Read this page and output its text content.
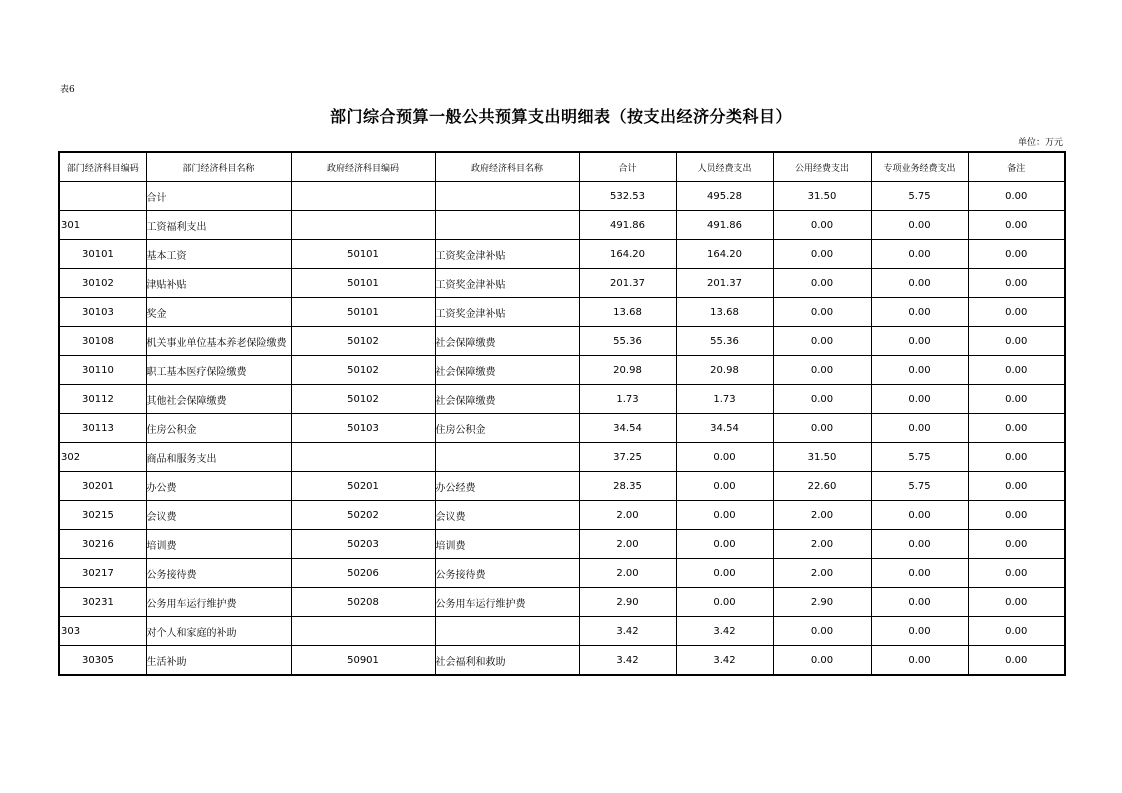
表6
部门综合预算一般公共预算支出明细表（按支出经济分类科目）
单位：万元
部门经济科目编码	部门经济科目名称	政府经济科目编码	政府经济科目名称	合计	人员经费支出	公用经费支出	专项业务经费支出	备注
	合计			532.53	495.28	31.50	5.75	0.00
301	工资福利支出			491.86	491.86	0.00	0.00	0.00
30101	基本工资	50101	工资奖金津补贴	164.20	164.20	0.00	0.00	0.00
30102	津贴补贴	50101	工资奖金津补贴	201.37	201.37	0.00	0.00	0.00
30103	奖金	50101	工资奖金津补贴	13.68	13.68	0.00	0.00	0.00
30108	机关事业单位基本养老保险缴费	50102	社会保障缴费	55.36	55.36	0.00	0.00	0.00
30110	职工基本医疗保险缴费	50102	社会保障缴费	20.98	20.98	0.00	0.00	0.00
30112	其他社会保障缴费	50102	社会保障缴费	1.73	1.73	0.00	0.00	0.00
30113	住房公积金	50103	住房公积金	34.54	34.54	0.00	0.00	0.00
302	商品和服务支出			37.25	0.00	31.50	5.75	0.00
30201	办公费	50201	办公经费	28.35	0.00	22.60	5.75	0.00
30215	会议费	50202	会议费	2.00	0.00	2.00	0.00	0.00
30216	培训费	50203	培训费	2.00	0.00	2.00	0.00	0.00
30217	公务接待费	50206	公务接待费	2.00	0.00	2.00	0.00	0.00
30231	公务用车运行维护费	50208	公务用车运行维护费	2.90	0.00	2.90	0.00	0.00
303	对个人和家庭的补助			3.42	3.42	0.00	0.00	0.00
30305	生活补助	50901	社会福利和救助	3.42	3.42	0.00	0.00	0.00
